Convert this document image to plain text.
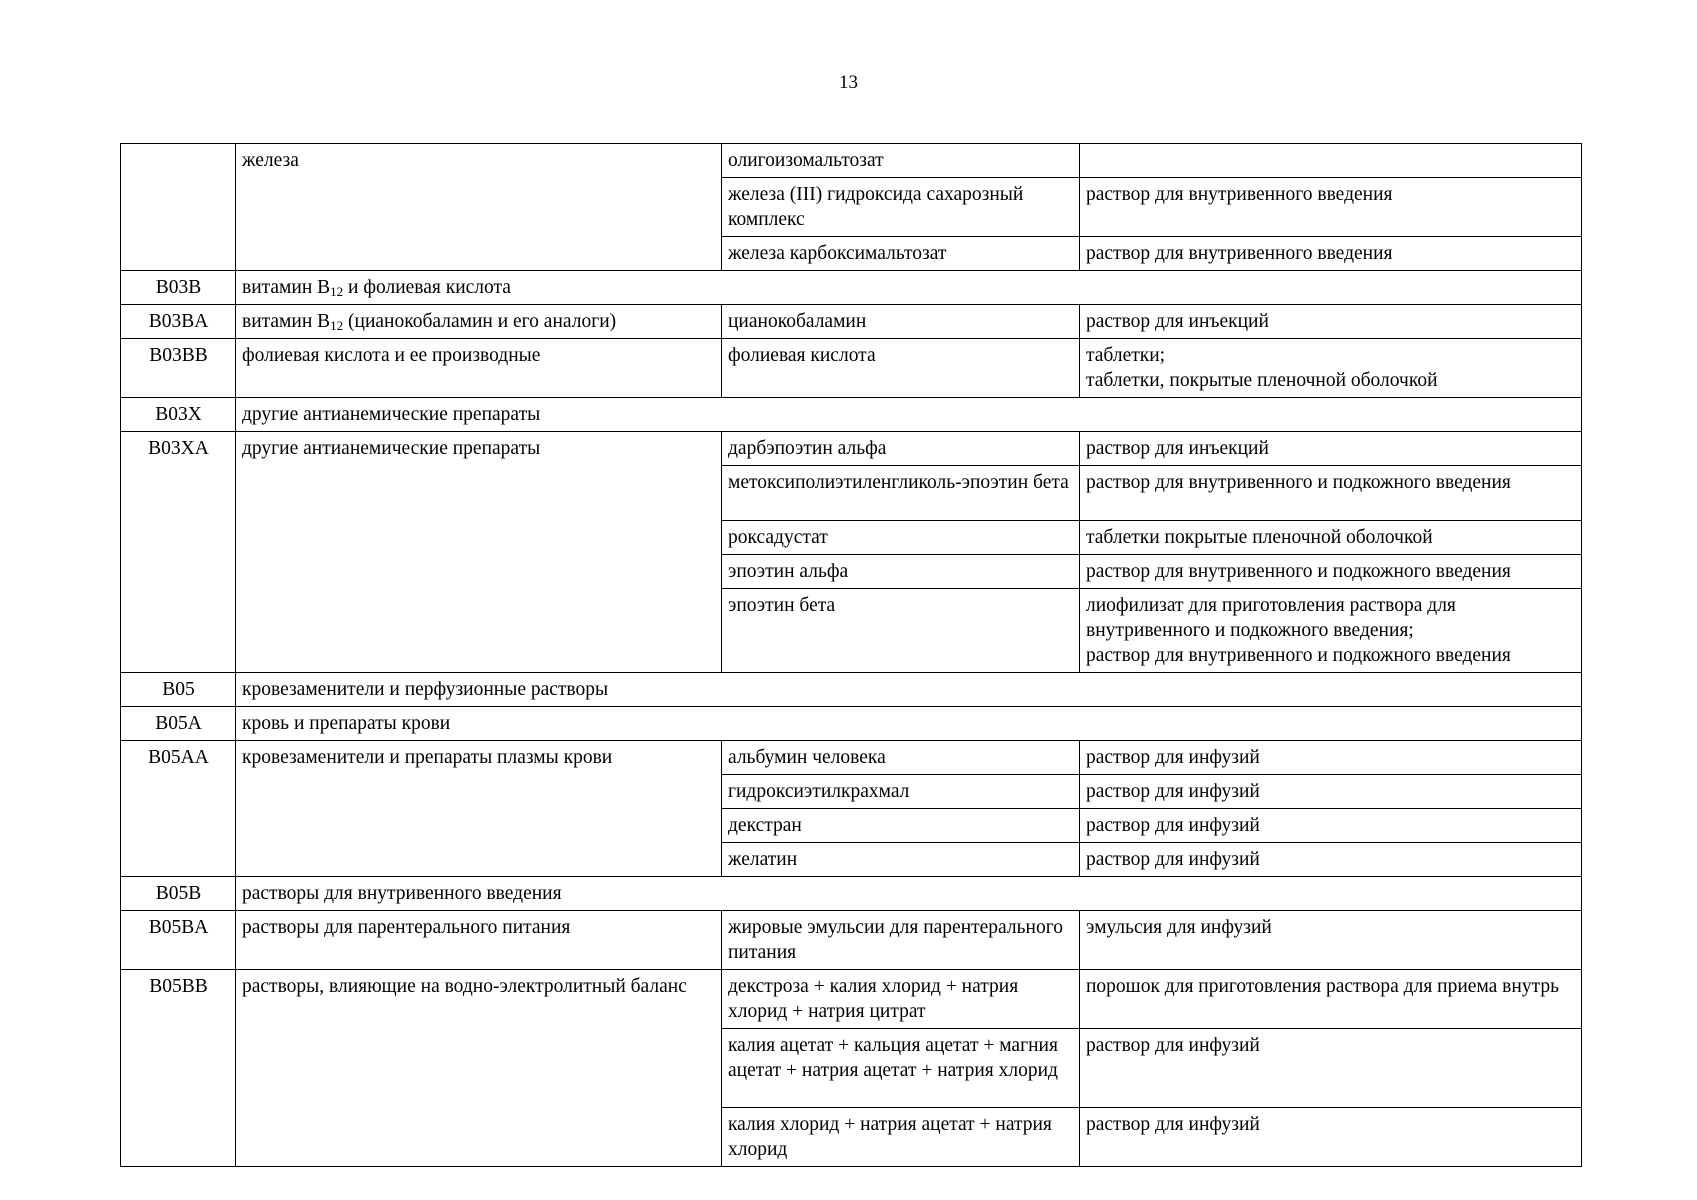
13
	железа	олигоизомальтозат	
		железа (III) гидроксида сахарозный комплекс	раствор для внутривенного введения
		железа карбоксимальтозат	раствор для внутривенного введения
B03B	витамин $B_{12}$ и фолиевая кислота		
B03BA	витамин $B_{12}$ (цианокобаламин и его аналоги)	цианокобаламин	раствор для инъекций
B03BB	фолиевая кислота и ее производные	фолиевая кислота	таблетки;
таблетки, покрытые пленочной оболочкой

B03X	другие антианемические препараты		
B03XA	другие антианемические препараты	дарбэпоэтин альфа	раствор для инъекций
		метоксиполиэтиленгликоль-эпоэтин бета	раствор для внутривенного и подкожного введения
		роксадустат	таблетки покрытые пленочной оболочкой
		эпоэтин альфа	раствор для внутривенного и подкожного введения
		эпоэтин бета	лиофилизат для приготовления раствора для внутривенного и подкожного введения;
раствор для внутривенного и подкожного введения

B05	кровезаменители и перфузионные растворы		
B05A	кровь и препараты крови		
B05AA	кровезаменители и препараты плазмы крови	альбумин человека	раствор для инфузий
		гидроксиэтилкрахмал	раствор для инфузий
		декстран	раствор для инфузий
		желатин	раствор для инфузий
B05B	растворы для внутривенного введения		
B05BA	растворы для парентерального питания	жировые эмульсии для парентерального питания	эмульсия для инфузий
B05BB	растворы, влияющие на водно-электролитный баланс	декстроза + калия хлорид + натрия хлорид + натрия цитрат	порошок для приготовления раствора для приема внутрь
		калия ацетат + кальция ацетат + магния ацетат + натрия ацетат + натрия хлорид	раствор для инфузий
		калия хлорид + натрия ацетат + натрия хлорид	раствор для инфузий
